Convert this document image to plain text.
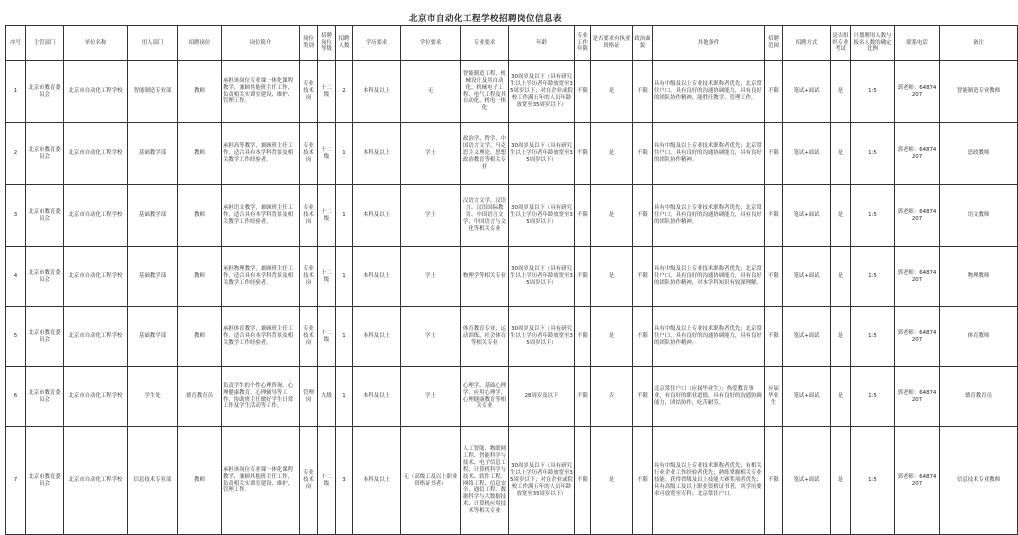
北京市自动化工程学校招聘岗位信息表
序号	主管部门	单位名称	用人部门	招聘岗位	岗位简介	岗位类别	招聘岗位等级	招聘人数	学历要求	学位要求	专业要求	年龄	专业工作年限	是否要求有执业资格证	政治面貌	其他条件	招聘范围	招聘方式	是否组织专业考试	计划聘用人数与报名人数的确定比例	联系电话	备注
1	北京市教育委员会	北京市自动化工程学校	智能制造专业部	教师	承担该岗位专业课一体化课程教学，兼顾其他班主任工作，负责相关实训室建设、维护、管理工作。	专业技术岗	十二级	2	本科及以上	无	智能制造工程、机械设计及其自动化、机械电子工程、电气工程及其自动化、机电一体化	30周岁及以下（具有研究生以上学历者年龄放宽至35周岁以下；对在企业或院校工作满五年的人员年龄放宽至35周岁以下）	不限	是	不限	具有中级及以上专业技术职称者优先；北京常住户口，具有良好的沟通协调能力，具有良好的团队协作精神，能胜任教学、管理工作。	不限	笔试+面试	是	1:5	郭老师：64874207	智能制造专业教师
2	北京市教育委员会	北京市自动化工程学校	基础教学部	教师	承担高等教学，兼顾班主任工作，适合具有本学科背景及相关教学工作经验者。	专业技术岗	十二级	1	本科及以上	学士	政治学、哲学、中国语言文学、马克思主义理论、思想政治教育等相关专业	30周岁及以下（具有研究生以上学历者年龄放宽至35周岁以下）	不限	是	不限	具有中级及以上专业技术职称者优先；北京常住户口，具有良好的沟通协调能力，具有良好的团队协作精神。	不限	笔试+面试	是	1:5	郭老师：64874207	思政教师
3	北京市教育委员会	北京市自动化工程学校	基础教学部	教师	承担语文教学，兼顾班主任工作，适合具有本学科背景及相关教学工作经验者。	专业技术岗	十二级	1	本科及以上	学士	汉语言文学、汉语言、汉语国际教育、中国语言文学、中国语言与文化等相关专业	30周岁及以下（具有研究生以上学历者年龄放宽至35周岁以下）	不限	是	不限	具有中级及以上专业技术职称者优先；北京常住户口，具有良好的沟通协调能力，具有良好的团队协作精神。	不限	笔试+面试	是	1:5	郭老师：64874207	语文教师
4	北京市教育委员会	北京市自动化工程学校	基础教学部	教师	承担物理教学，兼顾班主任工作，适合具有本学科背景及相关教学工作经验者。	专业技术岗	十二级	1	本科及以上	学士	物理学等相关专业	30周岁及以下（具有研究生以上学历者年龄放宽至35周岁以下）	不限	是	不限	具有中级及以上专业技术职称者优先；北京常住户口，具有良好的沟通协调能力，具有良好的团队协作精神，对本学科知识有较深理解。	不限	笔试+面试	是	1:5	郭老师：64874207	物理教师
5	北京市教育委员会	北京市自动化工程学校	基础教学部	教师	承担体育教学，兼顾班主任工作，适合具有本学科背景及相关教学工作经验者。	专业技术岗	十二级	1	本科及以上	学士	体育教育专业、运动训练、社会体育等相关专业	30周岁及以下（具有研究生以上学历者年龄放宽至35周岁以下）	不限	是	不限	具有中级及以上专业技术职称者优先；北京常住户口，具有良好的沟通协调能力，具有良好的团队协作精神。	不限	笔试+面试	是	1:5	郭老师：64874207	体育教师
6	北京市教育委员会	北京市自动化工程学校	学生处	德育教育员	负责学生的个性心理咨询、心理健康教育、心理辅导等工作，协助班主任做好学生日常工作及学生活动等工作。	管理岗	九级	1	本科及以上	学士	心理学、基础心理学、应用心理学、心理健康教育等相关专业	28周岁及以下	不限	否	不限	北京常住户口（应届毕业生）；热爱教育事业，有良好的职业道德，具有良好的沟通协调能力，团结协作，吃苦耐劳。	应届毕业生	笔试+面试	是	1:5	郭老师：64874207	德育教育员
7	北京市教育委员会	北京市自动化工程学校	信息技术专业部	教师	承担该岗位专业课一体化课程教学，兼顾其他班主任工作，负责相关实训室建设、维护、管理工作。	专业技术岗	十二级	3	本科及以上	无（高级工及以上职业资格证书者）	人工智能、物联网工程、智能科学与技术、电子信息工程、计算机科学与技术、软件工程、网络工程、信息安全、通信工程、数据科学与大数据技术、计算机应用技术等相关专业	30周岁及以下（具有研究生以上学历者年龄放宽至35周岁以下；对在企业或院校工作满五年的人员年龄放宽至35周岁以下）	不限	是	不限	具有中级及以上专业技术职称者优先；有相关行业企业工作经验者优先；熟练掌握相关专业技能；获得省级及以上技能大赛奖项者优先；具有高级工及以上职业资格证书者，其学历要求可放宽至专科；北京常住户口。	不限	笔试+面试	是	1:5	郭老师：64874207	信息技术专业教师
